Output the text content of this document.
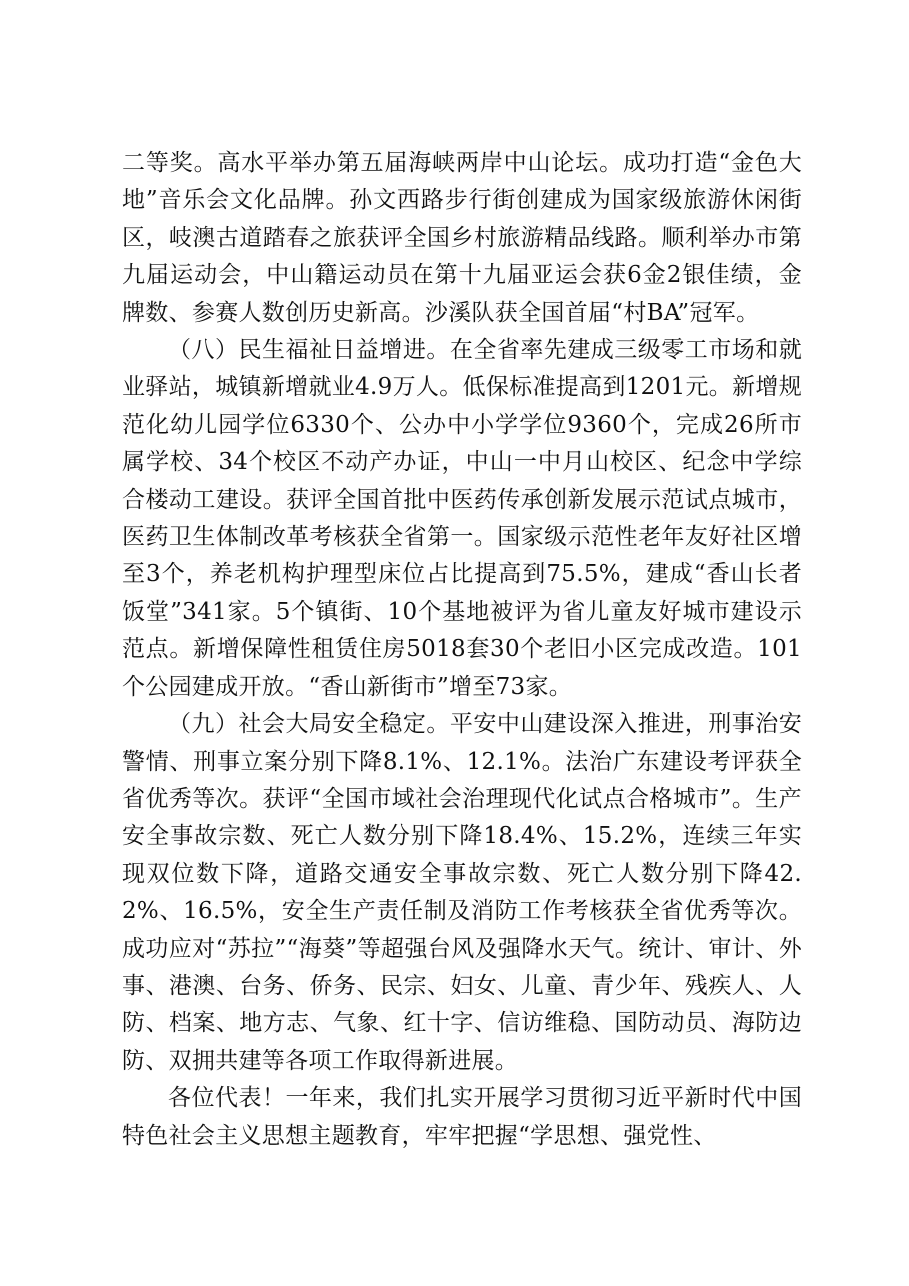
二等奖。高水平举办第五届海峡两岸中山论坛。成功打造“金色大地”音乐会文化品牌。孙文西路步行街创建成为国家级旅游休闲街区，岐澳古道踏春之旅获评全国乡村旅游精品线路。顺利举办市第九届运动会，中山籍运动员在第十九届亚运会获6金2银佳绩，金牌数、参赛人数创历史新高。沙溪队获全国首届“村BA”冠军。

（八）民生福祉日益增进。在全省率先建成三级零工市场和就业驿站，城镇新增就业4.9万人。低保标准提高到1201元。新增规范化幼儿园学位6330个、公办中小学学位9360个，完成26所市属学校、34个校区不动产办证，中山一中月山校区、纪念中学综合楼动工建设。获评全国首批中医药传承创新发展示范试点城市，医药卫生体制改革考核获全省第一。国家级示范性老年友好社区增至3个，养老机构护理型床位占比提高到75.5%，建成“香山长者饭堂”341家。5个镇街、10个基地被评为省儿童友好城市建设示范点。新增保障性租赁住房5018套30个老旧小区完成改造。101个公园建成开放。“香山新街市”增至73家。

（九）社会大局安全稳定。平安中山建设深入推进，刑事治安警情、刑事立案分别下降8.1%、12.1%。法治广东建设考评获全省优秀等次。获评“全国市域社会治理现代化试点合格城市”。生产安全事故宗数、死亡人数分别下降18.4%、15.2%，连续三年实现双位数下降，道路交通安全事故宗数、死亡人数分别下降42.2%、16.5%，安全生产责任制及消防工作考核获全省优秀等次。成功应对“苏拉”“海葵”等超强台风及强降水天气。统计、审计、外事、港澳、台务、侨务、民宗、妇女、儿童、青少年、残疾人、人防、档案、地方志、气象、红十字、信访维稳、国防动员、海防边防、双拥共建等各项工作取得新进展。

各位代表！一年来，我们扎实开展学习贯彻习近平新时代中国特色社会主义思想主题教育，牢牢把握“学思想、强党性、
